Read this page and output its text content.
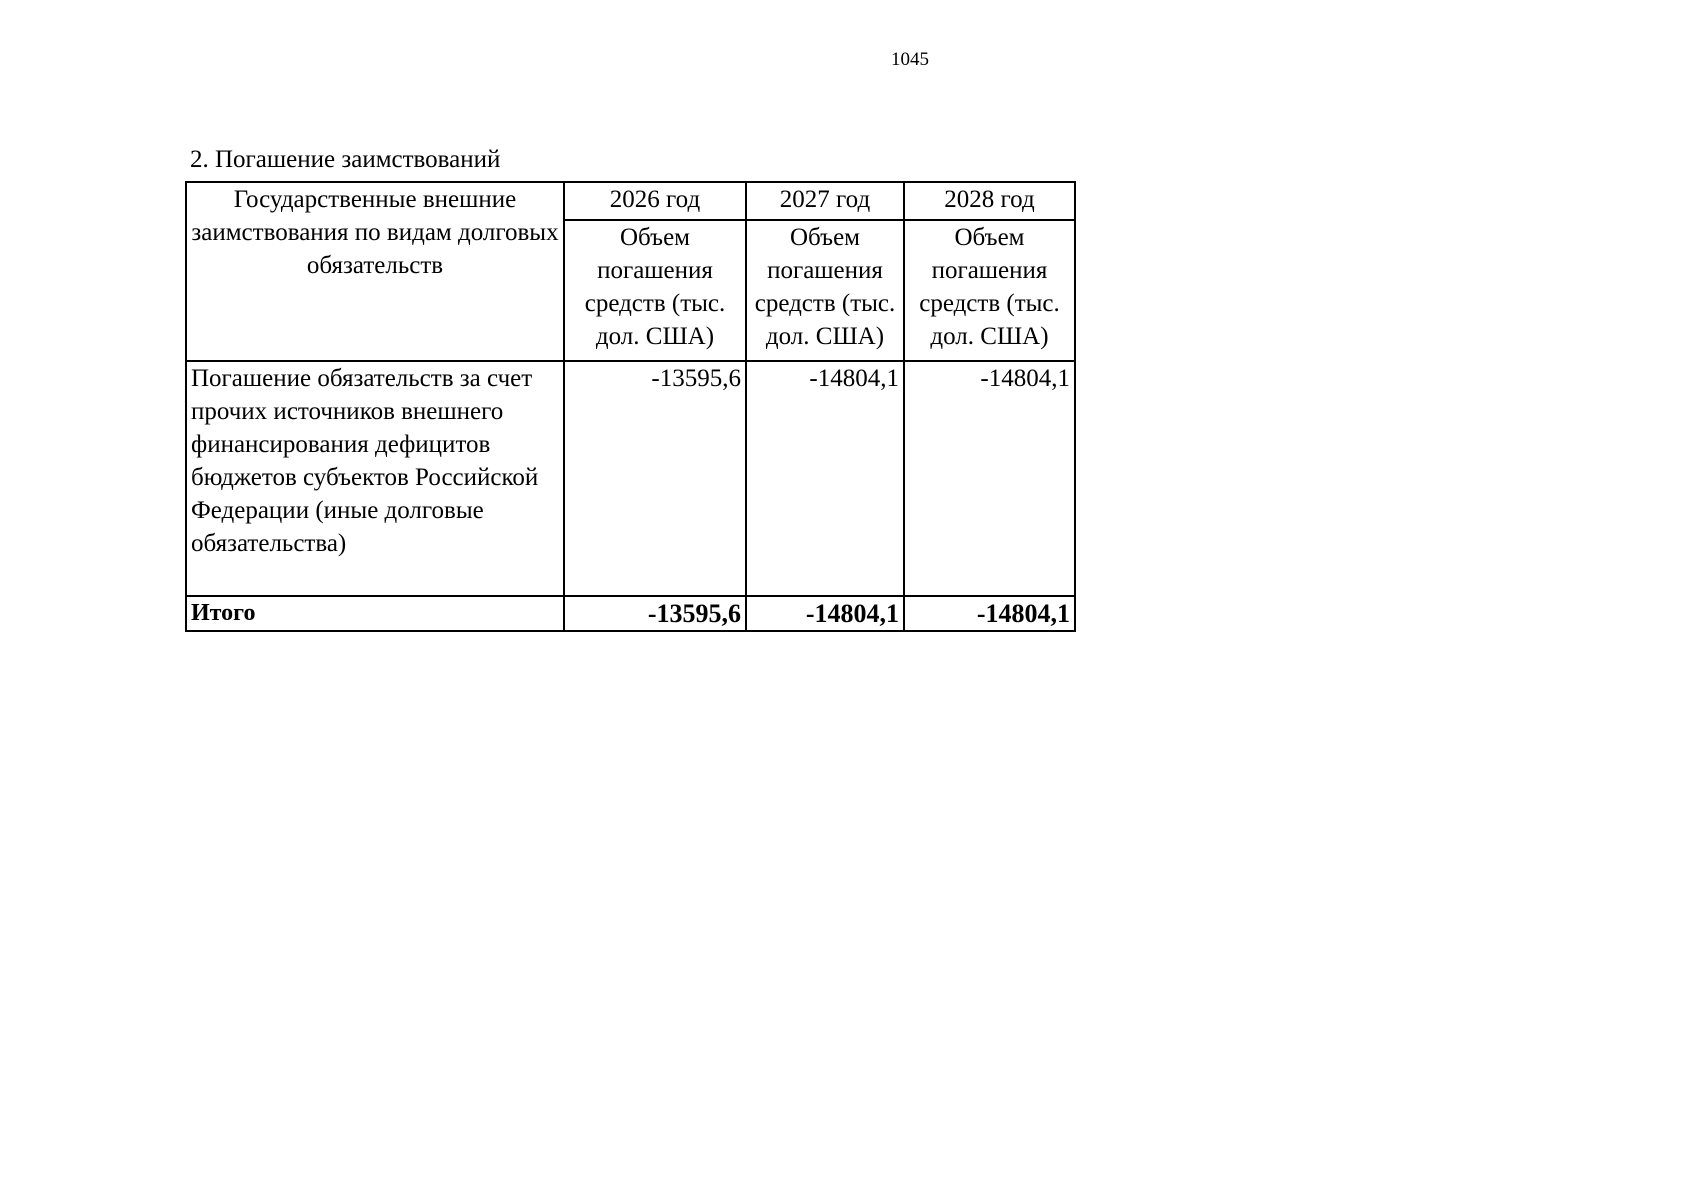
1045
2. Погашение заимствований
Государственные внешние заимствования по видам долговых обязательств	2026 год	2027 год	2028 год
	Объем погашения средств (тыс. дол. США)	Объем погашения средств (тыс. дол. США)	Объем погашения средств (тыс. дол. США)
Погашение обязательств за счет прочих источников внешнего финансирования дефицитов бюджетов субъектов Российской Федерации (иные долговые обязательства)	-13595,6	-14804,1	-14804,1
Итого	-13595,6	-14804,1	-14804,1
